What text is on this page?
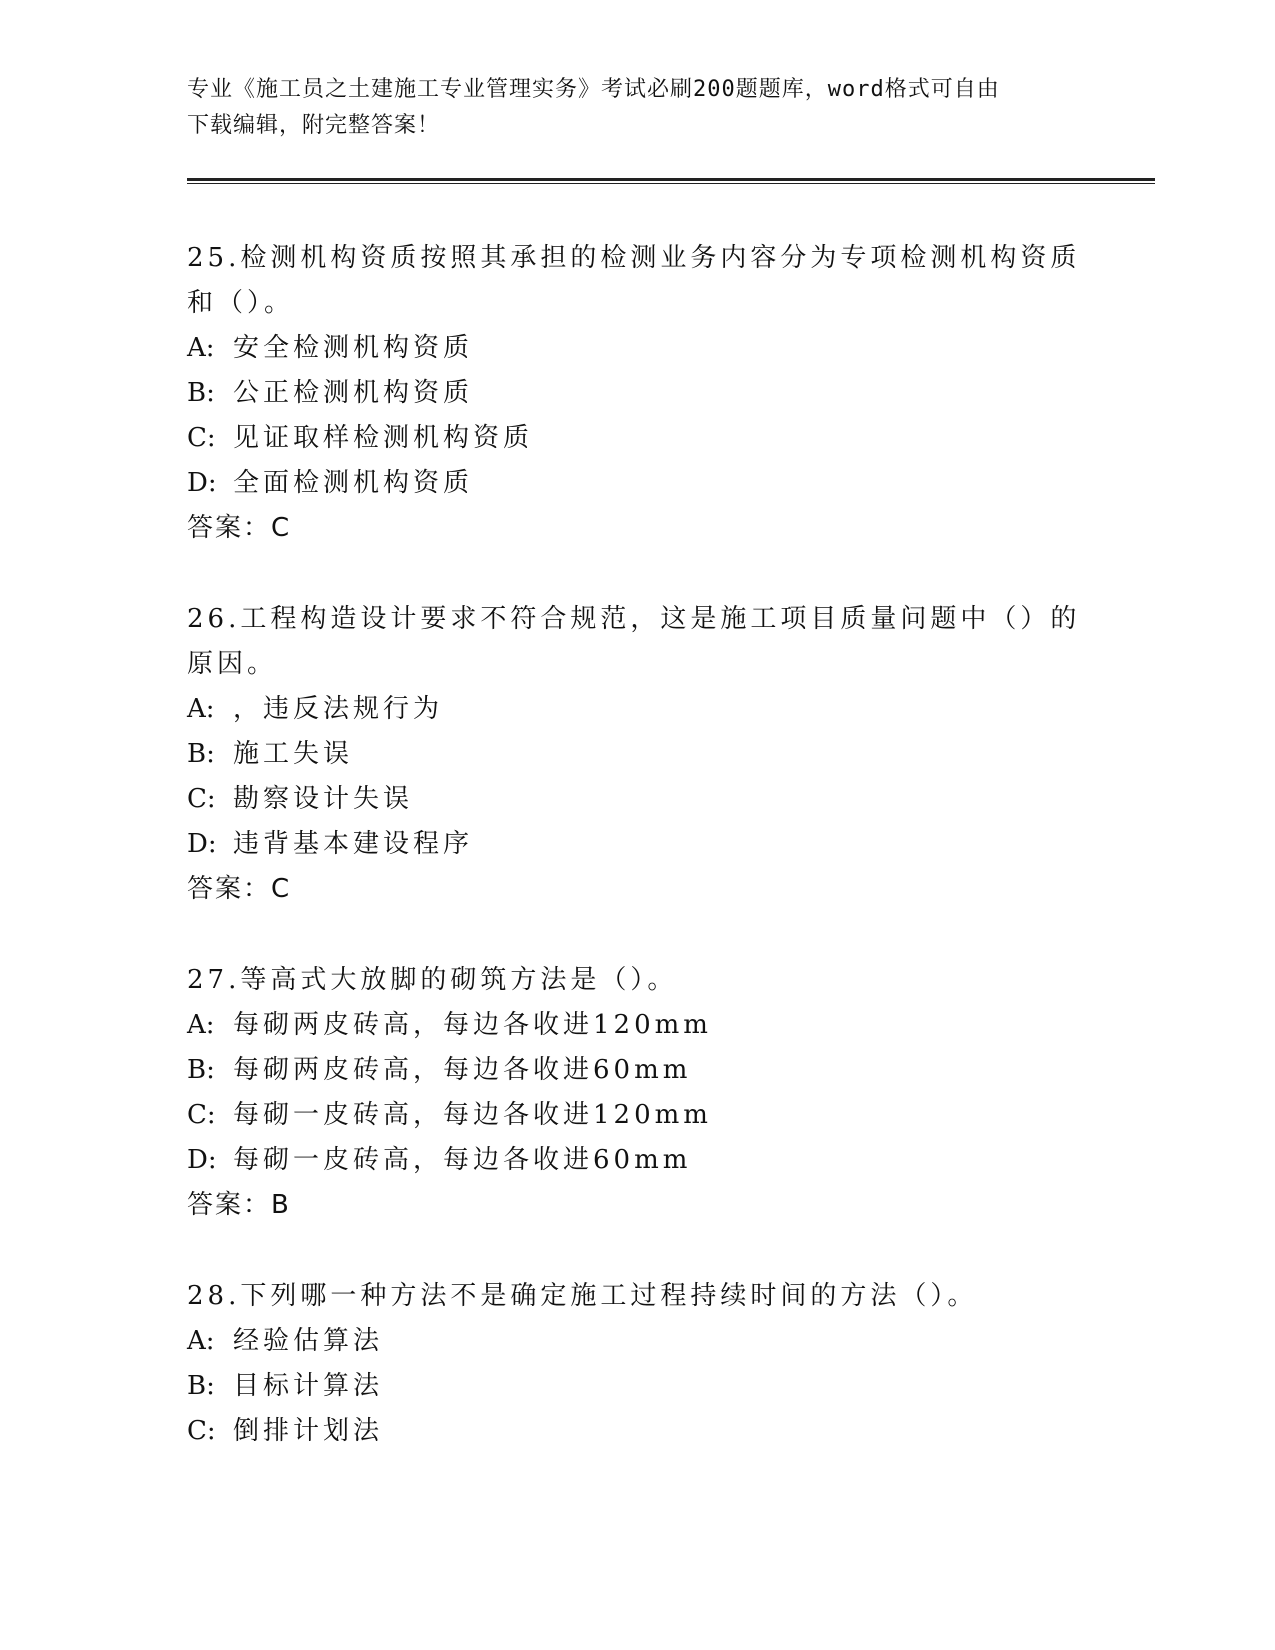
专业《施工员之土建施工专业管理实务》考试必刷200题题库，word格式可自由
下载编辑，附完整答案！
25.检测机构资质按照其承担的检测业务内容分为专项检测机构资质和（）。
A: 安全检测机构资质
B: 公正检测机构资质
C: 见证取样检测机构资质
D: 全面检测机构资质
答案：C
26.工程构造设计要求不符合规范，这是施工项目质量问题中（）的原因。
A: ，违反法规行为
B: 施工失误
C: 勘察设计失误
D: 违背基本建设程序
答案：C
27.等高式大放脚的砌筑方法是（）。
A: 每砌两皮砖高，每边各收进120mm
B: 每砌两皮砖高，每边各收进60mm
C: 每砌一皮砖高，每边各收进120mm
D: 每砌一皮砖高，每边各收进60mm
答案：B
28.下列哪一种方法不是确定施工过程持续时间的方法（）。
A: 经验估算法
B: 目标计算法
C: 倒排计划法
